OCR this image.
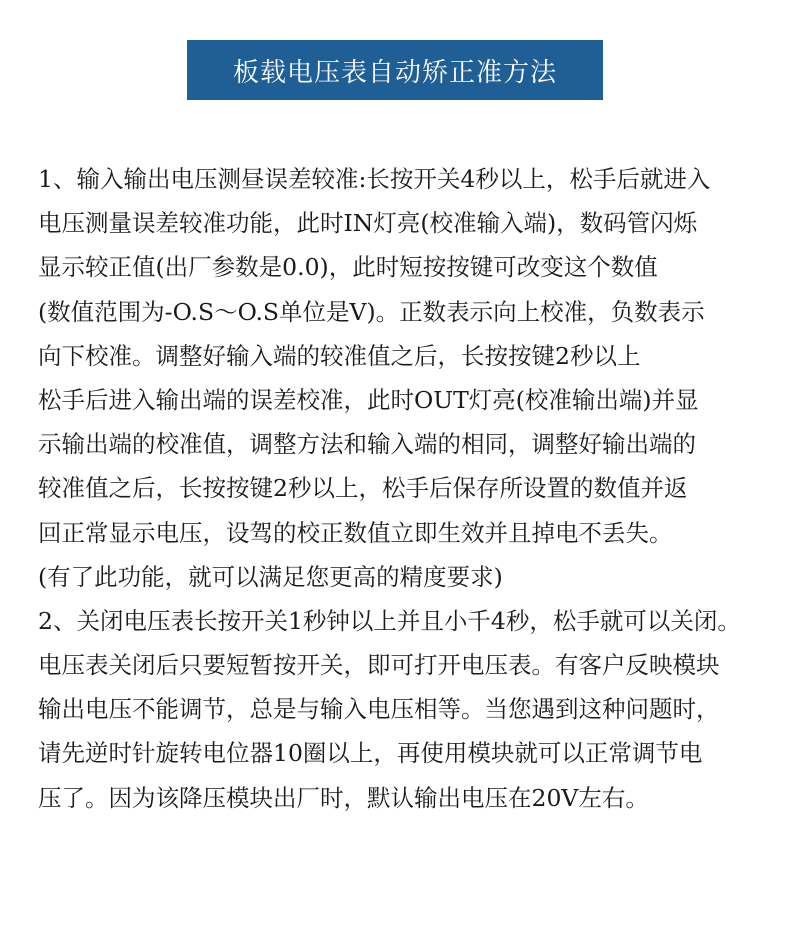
板载电压表自动矫正准方法
1、输入输出电压测昼误差较准:长按开关4秒以上，松手后就进入
电压测量误差较准功能，此时IN灯亮(校准输入端)，数码管闪烁
显示较正值(出厂参数是0.0)，此时短按按键可改变这个数值
(数值范围为-O.S～O.S单位是V)。正数表示向上校准，负数表示
向下校准。调整好输入端的较准值之后，长按按键2秒以上
松手后进入输出端的误差校准，此时OUT灯亮(校准输出端)并显
示输出端的校准值，调整方法和输入端的相同，调整好输出端的
较准值之后，长按按键2秒以上，松手后保存所设置的数值并返
回正常显示电压，设驾的校正数值立即生效并且掉电不丢失。
(有了此功能，就可以满足您更高的精度要求)
2、关闭电压表长按开关1秒钟以上并且小千4秒，松手就可以关闭。
电压表关闭后只要短暂按开关，即可打开电压表。有客户反映模块
输出电压不能调节，总是与输入电压相等。当您遇到这种问题时，
请先逆时针旋转电位器10圈以上，再使用模块就可以正常调节电
压了。因为该降压模块出厂时，默认输出电压在20V左右。
